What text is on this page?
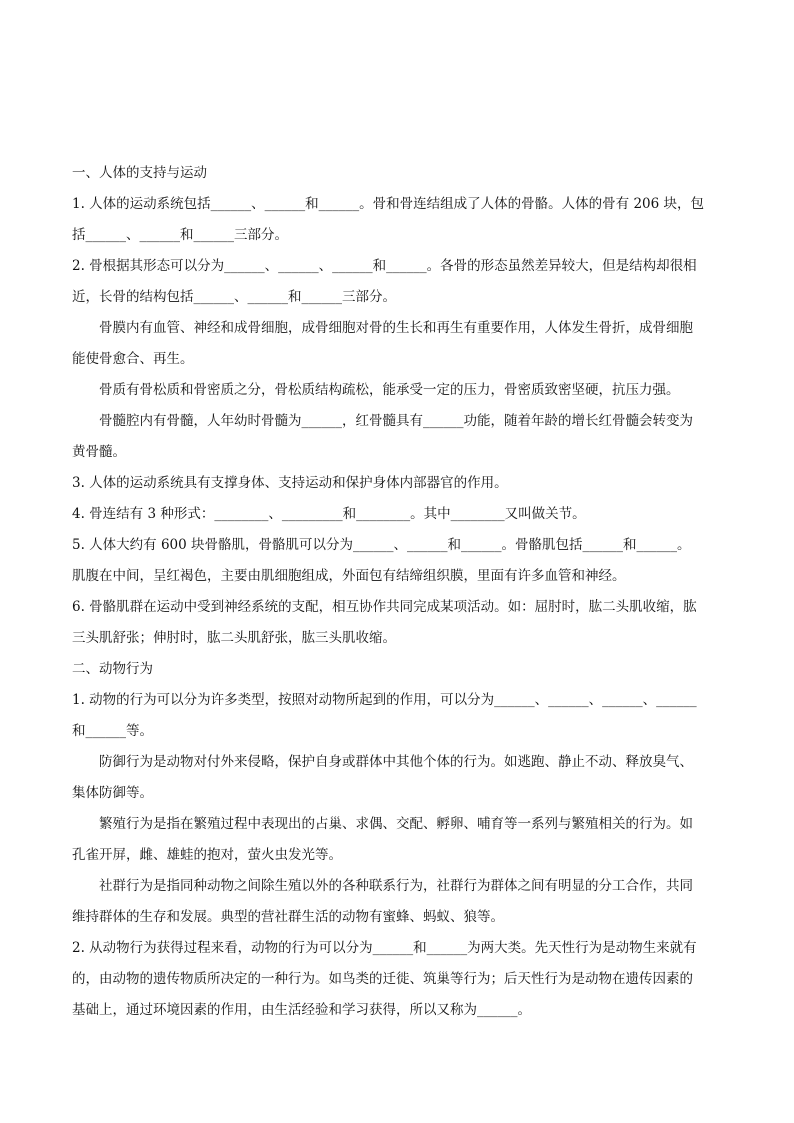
一、人体的支持与运动
1. 人体的运动系统包括______、______和______。骨和骨连结组成了人体的骨骼。人体的骨有 206 块，包
括______、______和______三部分。
2. 骨根据其形态可以分为______、______、______和______。各骨的形态虽然差异较大，但是结构却很相
近，长骨的结构包括______、______和______三部分。
骨膜内有血管、神经和成骨细胞，成骨细胞对骨的生长和再生有重要作用，人体发生骨折，成骨细胞
能使骨愈合、再生。
骨质有骨松质和骨密质之分，骨松质结构疏松，能承受一定的压力，骨密质致密坚硬，抗压力强。
骨髓腔内有骨髓，人年幼时骨髓为______，红骨髓具有______功能，随着年龄的增长红骨髓会转变为
黄骨髓。
3. 人体的运动系统具有支撑身体、支持运动和保护身体内部器官的作用。
4. 骨连结有 3 种形式：________、_________和________。其中________又叫做关节。
5. 人体大约有 600 块骨骼肌，骨骼肌可以分为______、______和______。骨骼肌包括______和______。
肌腹在中间，呈红褐色，主要由肌细胞组成，外面包有结缔组织膜，里面有许多血管和神经。
6. 骨骼肌群在运动中受到神经系统的支配，相互协作共同完成某项活动。如：屈肘时，肱二头肌收缩，肱
三头肌舒张；伸肘时，肱二头肌舒张，肱三头肌收缩。
二、动物行为
1. 动物的行为可以分为许多类型，按照对动物所起到的作用，可以分为______、______、______、______
和______等。
防御行为是动物对付外来侵略，保护自身或群体中其他个体的行为。如逃跑、静止不动、释放臭气、
集体防御等。
繁殖行为是指在繁殖过程中表现出的占巢、求偶、交配、孵卵、哺育等一系列与繁殖相关的行为。如
孔雀开屏，雌、雄蛙的抱对，萤火虫发光等。
社群行为是指同种动物之间除生殖以外的各种联系行为，社群行为群体之间有明显的分工合作，共同
维持群体的生存和发展。典型的营社群生活的动物有蜜蜂、蚂蚁、狼等。
2. 从动物行为获得过程来看，动物的行为可以分为______和______为两大类。先天性行为是动物生来就有
的，由动物的遗传物质所决定的一种行为。如鸟类的迁徙、筑巢等行为；后天性行为是动物在遗传因素的
基础上，通过环境因素的作用，由生活经验和学习获得，所以又称为______。
